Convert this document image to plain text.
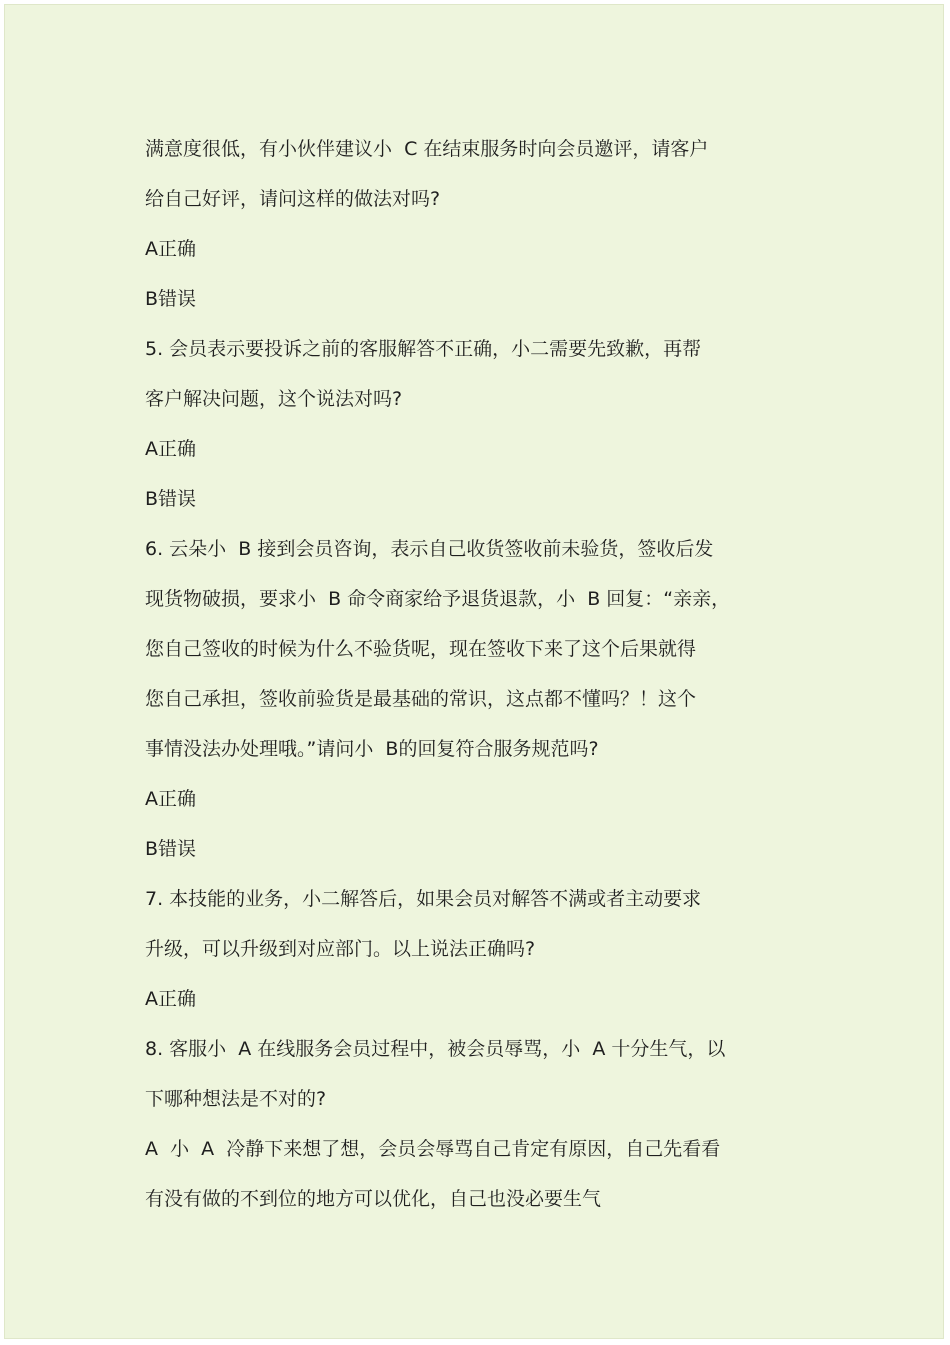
满意度很低，有小伙伴建议小  C 在结束服务时向会员邀评，请客户

给自己好评，请问这样的做法对吗?

A正确

B错误

5. 会员表示要投诉之前的客服解答不正确，小二需要先致歉，再帮

客户解决问题，这个说法对吗?

A正确

B错误

6. 云朵小  B 接到会员咨询，表示自己收货签收前未验货，签收后发

现货物破损，要求小  B 命令商家给予退货退款，小  B 回复：“亲亲，

您自己签收的时候为什么不验货呢，现在签收下来了这个后果就得

您自己承担，签收前验货是最基础的常识，这点都不懂吗？！这个

事情没法办处理哦。”请问小  B的回复符合服务规范吗?

A正确

B错误

7. 本技能的业务，小二解答后，如果会员对解答不满或者主动要求

升级，可以升级到对应部门。以上说法正确吗?

A正确

8. 客服小  A 在线服务会员过程中，被会员辱骂，小  A 十分生气，以

下哪种想法是不对的?

A  小  A  冷静下来想了想，会员会辱骂自己肯定有原因，自己先看看

有没有做的不到位的地方可以优化，自己也没必要生气
